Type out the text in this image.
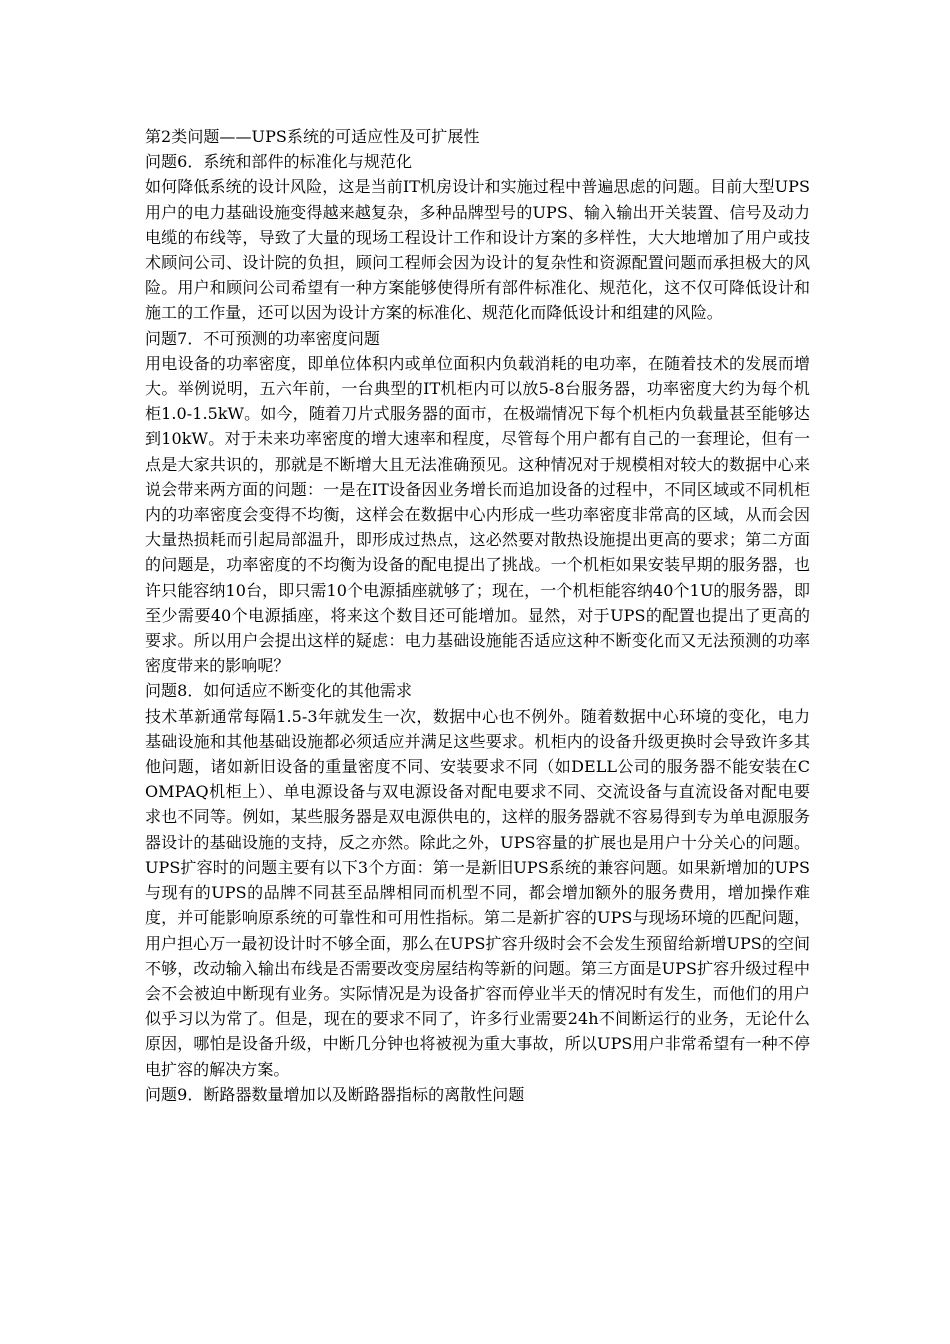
第2类问题——UPS系统的可适应性及可扩展性

问题6．系统和部件的标准化与规范化

如何降低系统的设计风险，这是当前IT机房设计和实施过程中普遍思虑的问题。目前大型UPS用户的电力基础设施变得越来越复杂，多种品牌型号的UPS、输入输出开关装置、信号及动力电缆的布线等，导致了大量的现场工程设计工作和设计方案的多样性，大大地增加了用户或技术顾问公司、设计院的负担，顾问工程师会因为设计的复杂性和资源配置问题而承担极大的风险。用户和顾问公司希望有一种方案能够使得所有部件标准化、规范化，这不仅可降低设计和施工的工作量，还可以因为设计方案的标准化、规范化而降低设计和组建的风险。

问题7．不可预测的功率密度问题

用电设备的功率密度，即单位体积内或单位面积内负载消耗的电功率，在随着技术的发展而增大。举例说明，五六年前，一台典型的IT机柜内可以放5-8台服务器，功率密度大约为每个机柜1.0-1.5kW。如今，随着刀片式服务器的面市，在极端情况下每个机柜内负载量甚至能够达到10kW。对于未来功率密度的增大速率和程度，尽管每个用户都有自己的一套理论，但有一点是大家共识的，那就是不断增大且无法准确预见。这种情况对于规模相对较大的数据中心来说会带来两方面的问题：一是在IT设备因业务增长而追加设备的过程中，不同区域或不同机柜内的功率密度会变得不均衡，这样会在数据中心内形成一些功率密度非常高的区域，从而会因大量热损耗而引起局部温升，即形成过热点，这必然要对散热设施提出更高的要求；第二方面的问题是，功率密度的不均衡为设备的配电提出了挑战。一个机柜如果安装早期的服务器，也许只能容纳10台，即只需10个电源插座就够了；现在，一个机柜能容纳40个1U的服务器，即至少需要40个电源插座，将来这个数目还可能增加。显然，对于UPS的配置也提出了更高的要求。所以用户会提出这样的疑虑：电力基础设施能否适应这种不断变化而又无法预测的功率密度带来的影响呢？

问题8．如何适应不断变化的其他需求

技术革新通常每隔1.5-3年就发生一次，数据中心也不例外。随着数据中心环境的变化，电力基础设施和其他基础设施都必须适应并满足这些要求。机柜内的设备升级更换时会导致许多其他问题，诸如新旧设备的重量密度不同、安装要求不同（如DELL公司的服务器不能安装在COMPAQ机柜上）、单电源设备与双电源设备对配电要求不同、交流设备与直流设备对配电要求也不同等。例如，某些服务器是双电源供电的，这样的服务器就不容易得到专为单电源服务器设计的基础设施的支持，反之亦然。除此之外，UPS容量的扩展也是用户十分关心的问题。UPS扩容时的问题主要有以下3个方面：第一是新旧UPS系统的兼容问题。如果新增加的UPS与现有的UPS的品牌不同甚至品牌相同而机型不同，都会增加额外的服务费用，增加操作难度，并可能影响原系统的可靠性和可用性指标。第二是新扩容的UPS与现场环境的匹配问题，用户担心万一最初设计时不够全面，那么在UPS扩容升级时会不会发生预留给新增UPS的空间不够，改动输入输出布线是否需要改变房屋结构等新的问题。第三方面是UPS扩容升级过程中会不会被迫中断现有业务。实际情况是为设备扩容而停业半天的情况时有发生，而他们的用户似乎习以为常了。但是，现在的要求不同了，许多行业需要24h不间断运行的业务，无论什么原因，哪怕是设备升级，中断几分钟也将被视为重大事故，所以UPS用户非常希望有一种不停电扩容的解决方案。

问题9．断路器数量增加以及断路器指标的离散性问题
